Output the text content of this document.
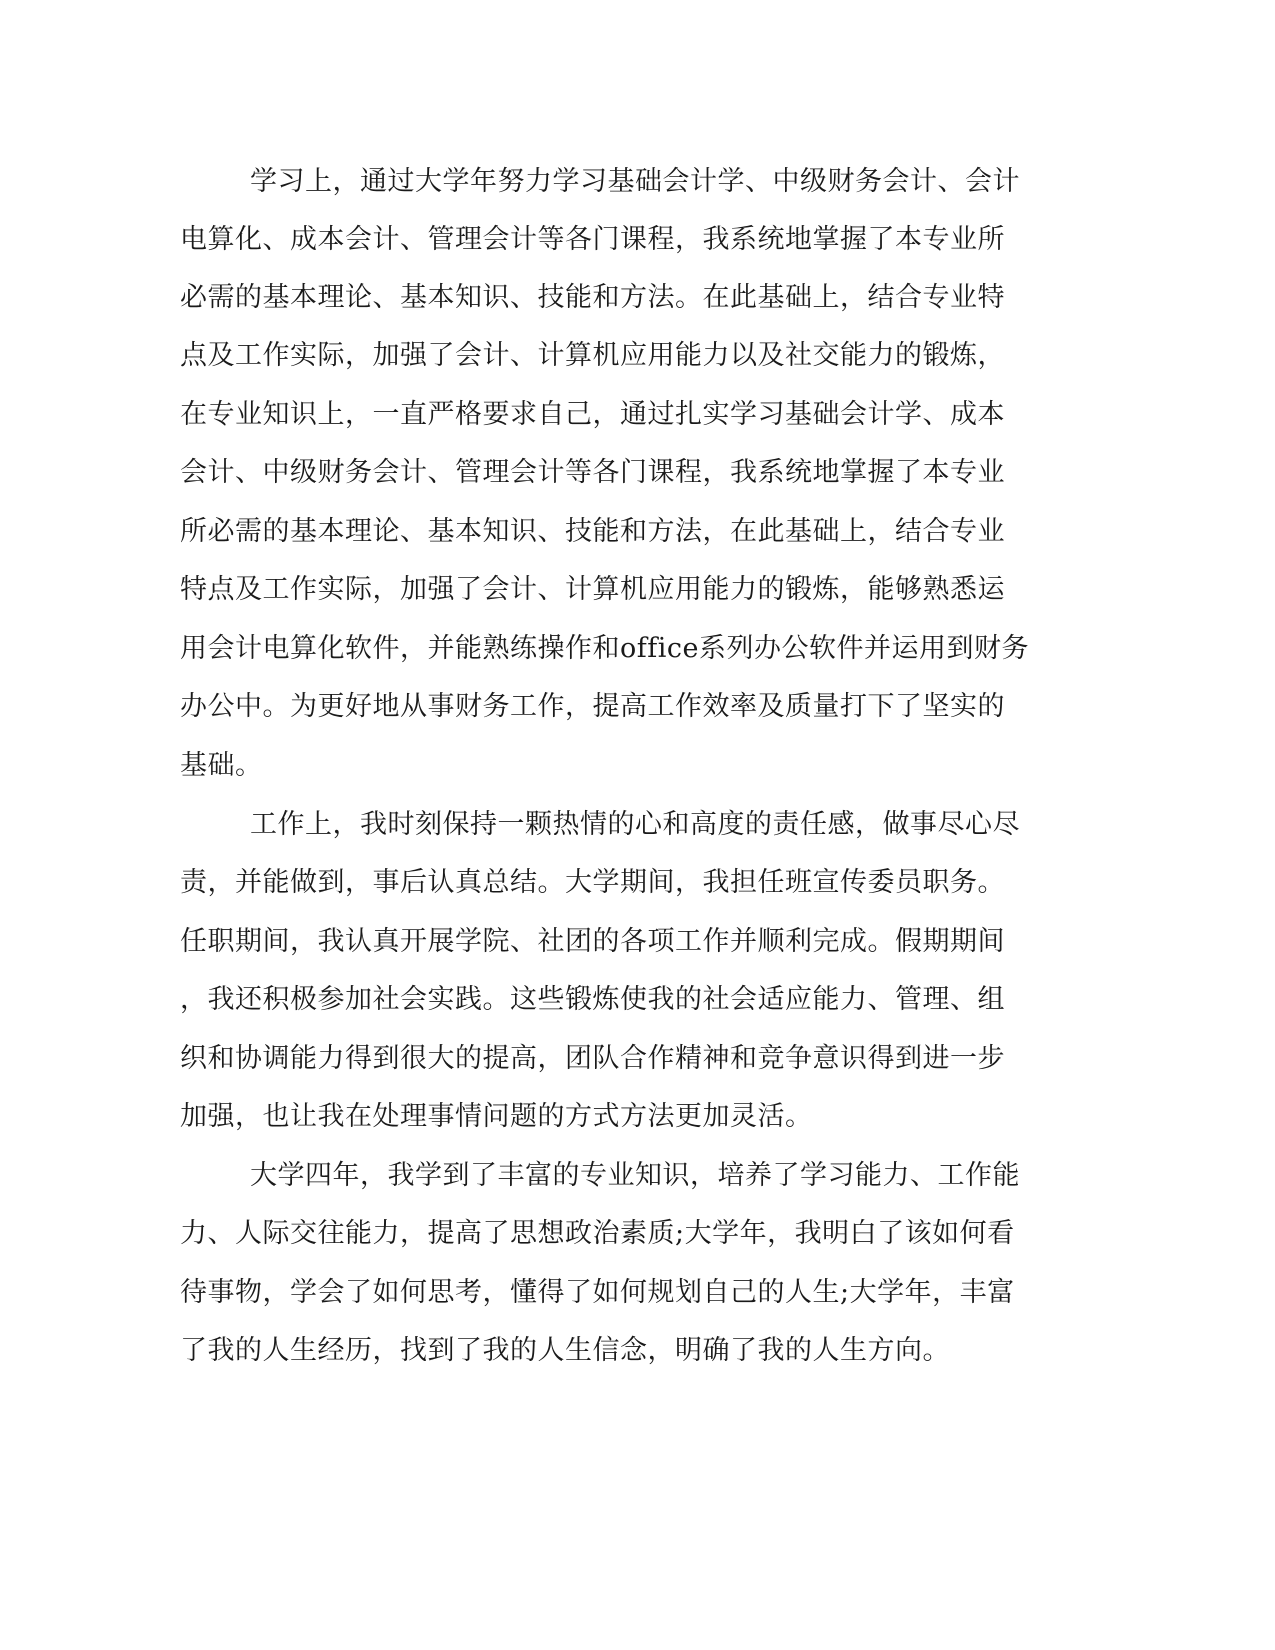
学习上，通过大学年努力学习基础会计学、中级财务会计、会计
电算化、成本会计、管理会计等各门课程，我系统地掌握了本专业所
必需的基本理论、基本知识、技能和方法。在此基础上，结合专业特
点及工作实际，加强了会计、计算机应用能力以及社交能力的锻炼，
在专业知识上，一直严格要求自己，通过扎实学习基础会计学、成本
会计、中级财务会计、管理会计等各门课程，我系统地掌握了本专业
所必需的基本理论、基本知识、技能和方法，在此基础上，结合专业
特点及工作实际，加强了会计、计算机应用能力的锻炼，能够熟悉运
用会计电算化软件，并能熟练操作和office系列办公软件并运用到财务
办公中。为更好地从事财务工作，提高工作效率及质量打下了坚实的
基础。
工作上，我时刻保持一颗热情的心和高度的责任感，做事尽心尽
责，并能做到，事后认真总结。大学期间，我担任班宣传委员职务。
任职期间，我认真开展学院、社团的各项工作并顺利完成。假期期间
，我还积极参加社会实践。这些锻炼使我的社会适应能力、管理、组
织和协调能力得到很大的提高，团队合作精神和竞争意识得到进一步
加强，也让我在处理事情问题的方式方法更加灵活。
大学四年，我学到了丰富的专业知识，培养了学习能力、工作能
力、人际交往能力，提高了思想政治素质;大学年，我明白了该如何看
待事物，学会了如何思考，懂得了如何规划自己的人生;大学年，丰富
了我的人生经历，找到了我的人生信念，明确了我的人生方向。
